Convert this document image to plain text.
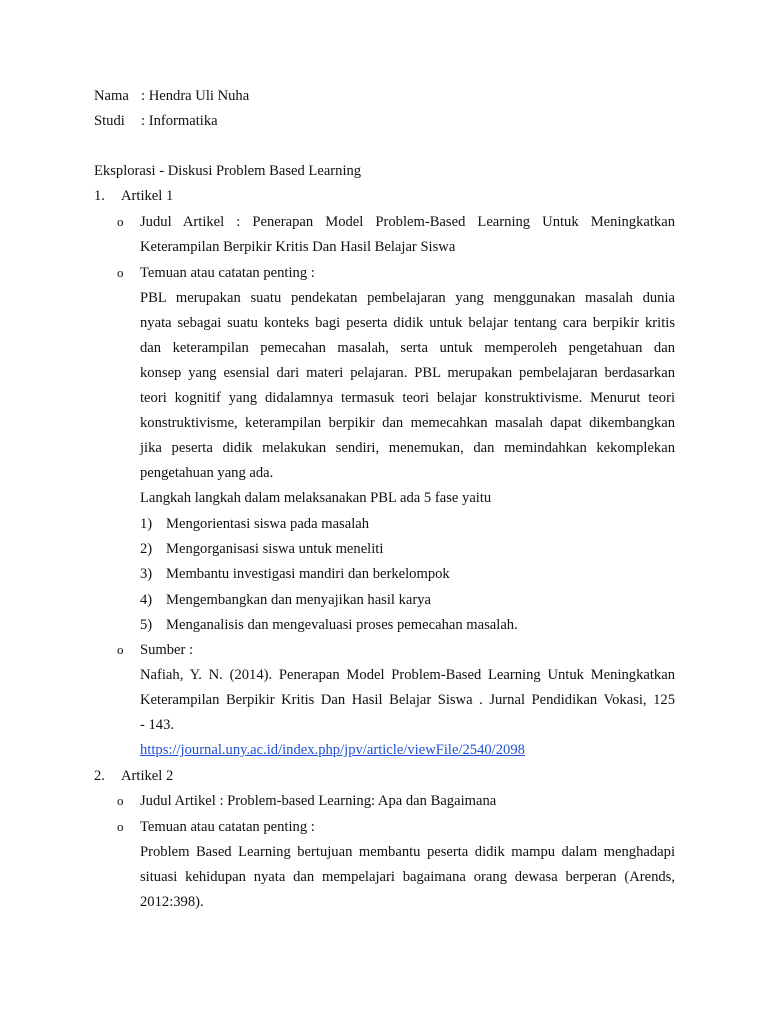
Nama : Hendra Uli Nuha
Studi : Informatika
Eksplorasi - Diskusi Problem Based Learning
1. Artikel 1
o Judul Artikel : Penerapan Model Problem-Based Learning Untuk Meningkatkan
Keterampilan Berpikir Kritis Dan Hasil Belajar Siswa
o Temuan atau catatan penting :
PBL merupakan suatu pendekatan pembelajaran yang menggunakan masalah dunia
nyata sebagai suatu konteks bagi peserta didik untuk belajar tentang cara berpikir kritis
dan keterampilan pemecahan masalah, serta untuk memperoleh pengetahuan dan
konsep yang esensial dari materi pelajaran. PBL merupakan pembelajaran berdasarkan
teori kognitif yang didalamnya termasuk teori belajar konstruktivisme. Menurut teori
konstruktivisme, keterampilan berpikir dan memecahkan masalah dapat dikembangkan
jika peserta didik melakukan sendiri, menemukan, dan memindahkan kekomplekan
pengetahuan yang ada.
Langkah langkah dalam melaksanakan PBL ada 5 fase yaitu
1) Mengorientasi siswa pada masalah
2) Mengorganisasi siswa untuk meneliti
3) Membantu investigasi mandiri dan berkelompok
4) Mengembangkan dan menyajikan hasil karya
5) Menganalisis dan mengevaluasi proses pemecahan masalah.
o Sumber :
Nafiah, Y. N. (2014). Penerapan Model Problem-Based Learning Untuk Meningkatkan
Keterampilan Berpikir Kritis Dan Hasil Belajar Siswa . Jurnal Pendidikan Vokasi, 125
- 143.
https://journal.uny.ac.id/index.php/jpv/article/viewFile/2540/2098
2. Artikel 2
o Judul Artikel : Problem-based Learning: Apa dan Bagaimana
o Temuan atau catatan penting :
Problem Based Learning bertujuan membantu peserta didik mampu dalam menghadapi
situasi kehidupan nyata dan mempelajari bagaimana orang dewasa berperan (Arends,
2012:398).
